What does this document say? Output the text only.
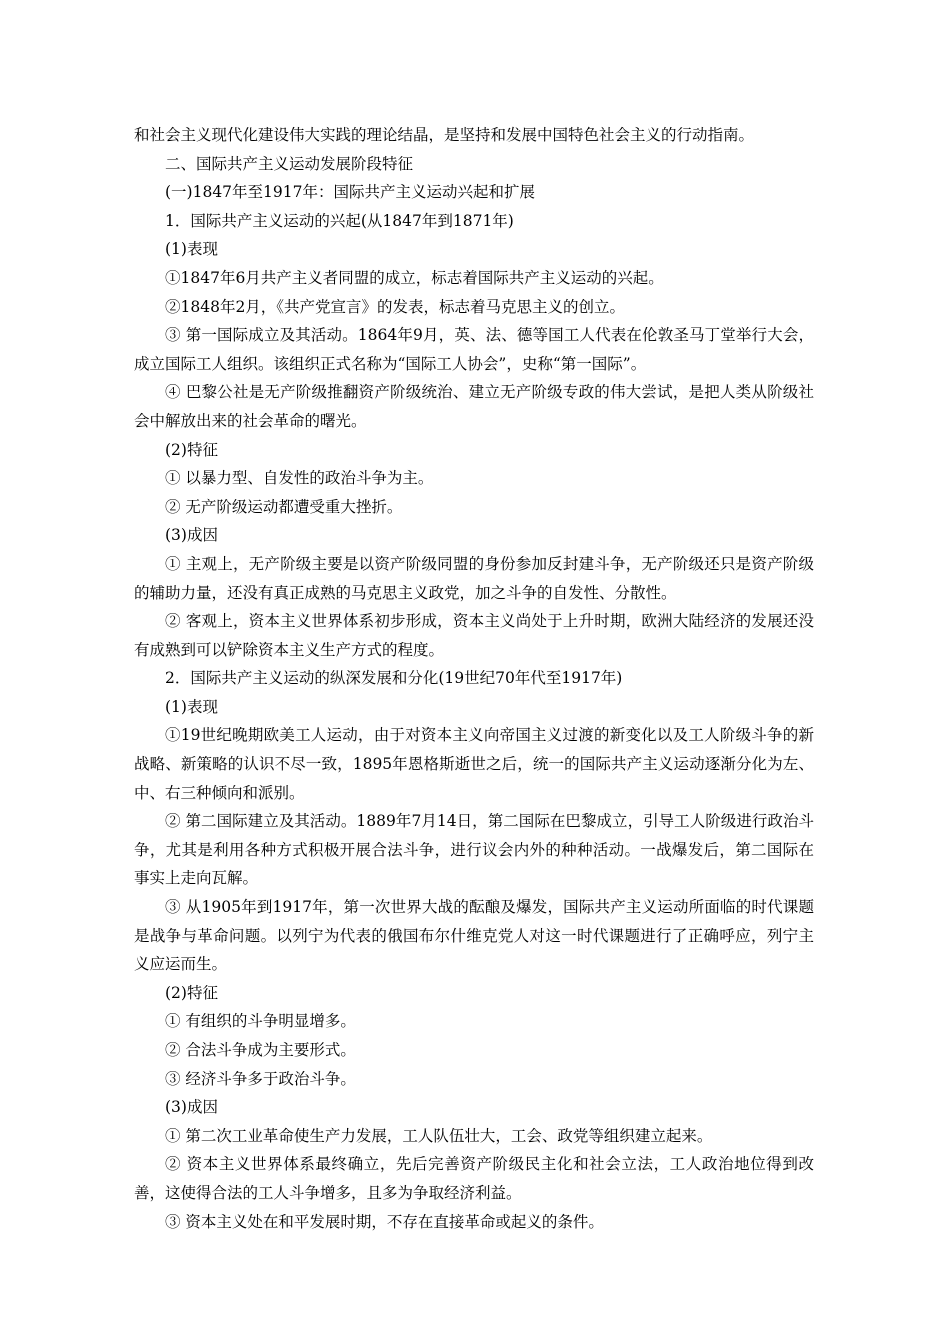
和社会主义现代化建设伟大实践的理论结晶，是坚持和发展中国特色社会主义的行动指南。

二、国际共产主义运动发展阶段特征

(一)1847年至1917年：国际共产主义运动兴起和扩展

1．国际共产主义运动的兴起(从1847年到1871年)

(1)表现

①1847年6月共产主义者同盟的成立，标志着国际共产主义运动的兴起。

②1848年2月，《共产党宣言》的发表，标志着马克思主义的创立。

③ 第一国际成立及其活动。1864年9月，英、法、德等国工人代表在伦敦圣马丁堂举行大会，成立国际工人组织。该组织正式名称为“国际工人协会”，史称“第一国际”。

④ 巴黎公社是无产阶级推翻资产阶级统治、建立无产阶级专政的伟大尝试，是把人类从阶级社会中解放出来的社会革命的曙光。

(2)特征

① 以暴力型、自发性的政治斗争为主。

② 无产阶级运动都遭受重大挫折。

(3)成因

① 主观上，无产阶级主要是以资产阶级同盟的身份参加反封建斗争，无产阶级还只是资产阶级的辅助力量，还没有真正成熟的马克思主义政党，加之斗争的自发性、分散性。

② 客观上，资本主义世界体系初步形成，资本主义尚处于上升时期，欧洲大陆经济的发展还没有成熟到可以铲除资本主义生产方式的程度。

2．国际共产主义运动的纵深发展和分化(19世纪70年代至1917年)

(1)表现

①19世纪晚期欧美工人运动，由于对资本主义向帝国主义过渡的新变化以及工人阶级斗争的新战略、新策略的认识不尽一致，1895年恩格斯逝世之后，统一的国际共产主义运动逐渐分化为左、中、右三种倾向和派别。

② 第二国际建立及其活动。1889年7月14日，第二国际在巴黎成立，引导工人阶级进行政治斗争，尤其是利用各种方式积极开展合法斗争，进行议会内外的种种活动。一战爆发后，第二国际在事实上走向瓦解。

③ 从1905年到1917年，第一次世界大战的酝酿及爆发，国际共产主义运动所面临的时代课题是战争与革命问题。以列宁为代表的俄国布尔什维克党人对这一时代课题进行了正确呼应，列宁主义应运而生。

(2)特征

① 有组织的斗争明显增多。

② 合法斗争成为主要形式。

③ 经济斗争多于政治斗争。

(3)成因

① 第二次工业革命使生产力发展，工人队伍壮大，工会、政党等组织建立起来。

② 资本主义世界体系最终确立，先后完善资产阶级民主化和社会立法，工人政治地位得到改善，这使得合法的工人斗争增多，且多为争取经济利益。

③ 资本主义处在和平发展时期，不存在直接革命或起义的条件。
